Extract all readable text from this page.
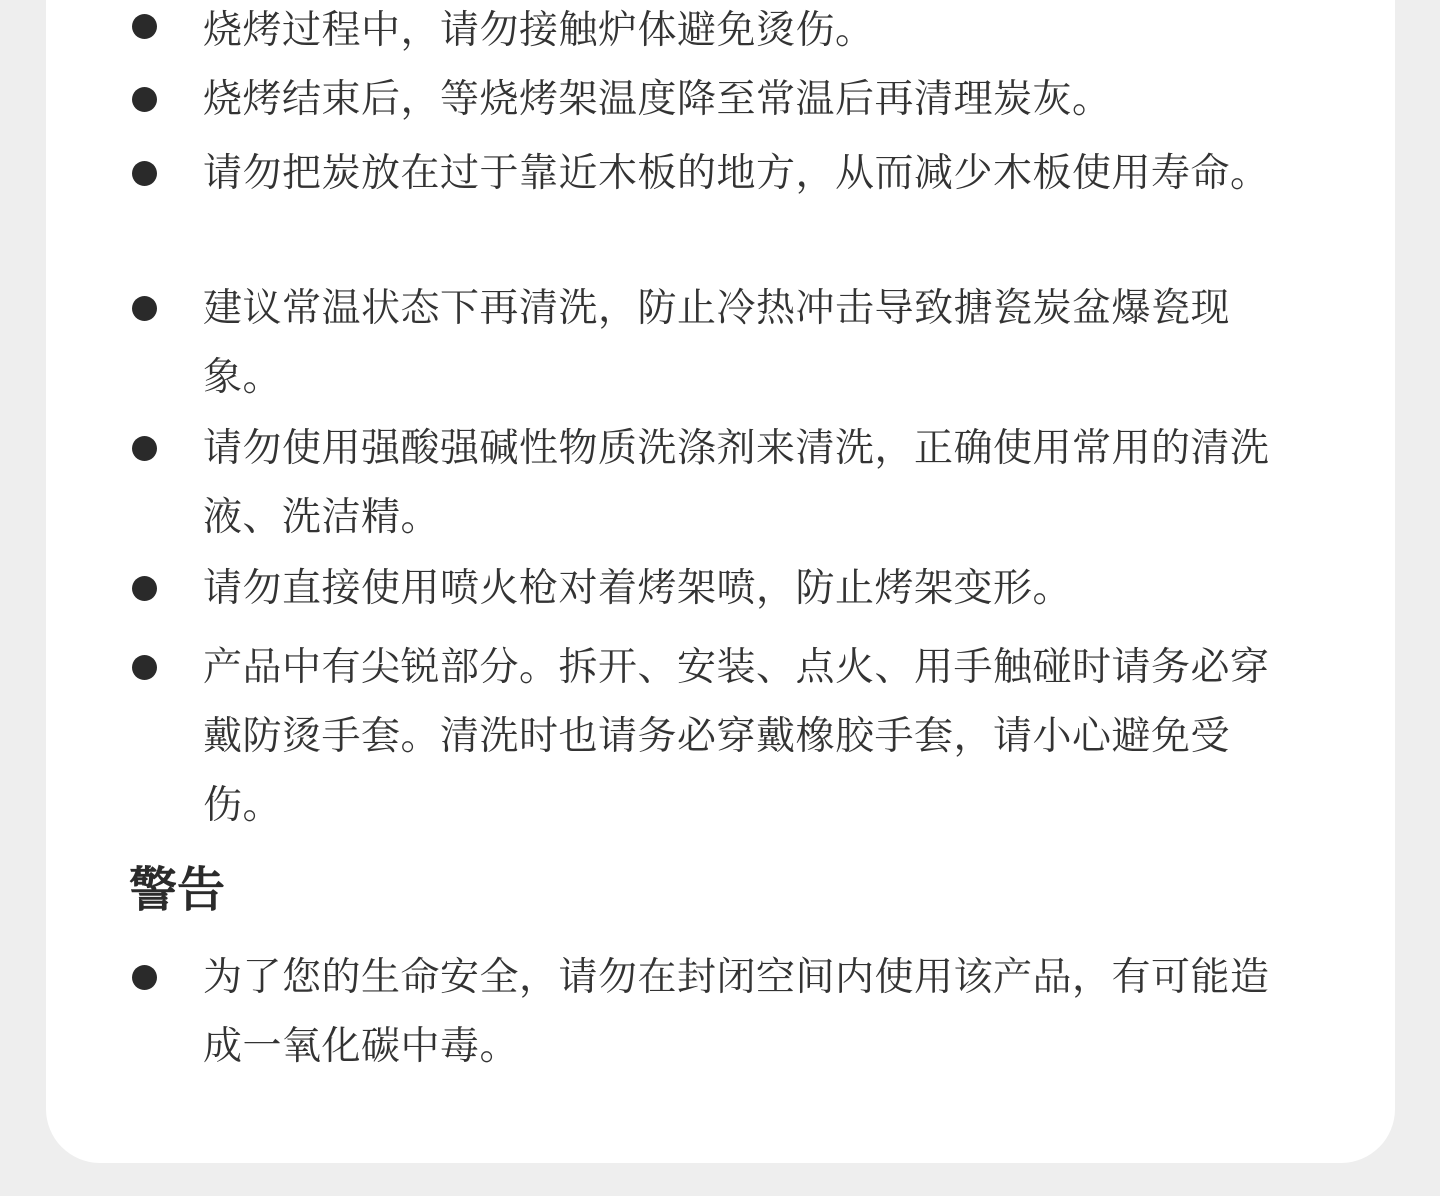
烧烤过程中，请勿接触炉体避免烫伤。
烧烤结束后，等烧烤架温度降至常温后再清理炭灰。
请勿把炭放在过于靠近木板的地方，从而减少木板使用寿命。
建议常温状态下再清洗，防止冷热冲击导致搪瓷炭盆爆瓷现象。
请勿使用强酸强碱性物质洗涤剂来清洗，正确使用常用的清洗液、洗洁精。
请勿直接使用喷火枪对着烤架喷，防止烤架变形。
产品中有尖锐部分。拆开、安装、点火、用手触碰时请务必穿戴防烫手套。清洗时也请务必穿戴橡胶手套，请小心避免受伤。
警告
为了您的生命安全，请勿在封闭空间内使用该产品，有可能造成一氧化碳中毒。
